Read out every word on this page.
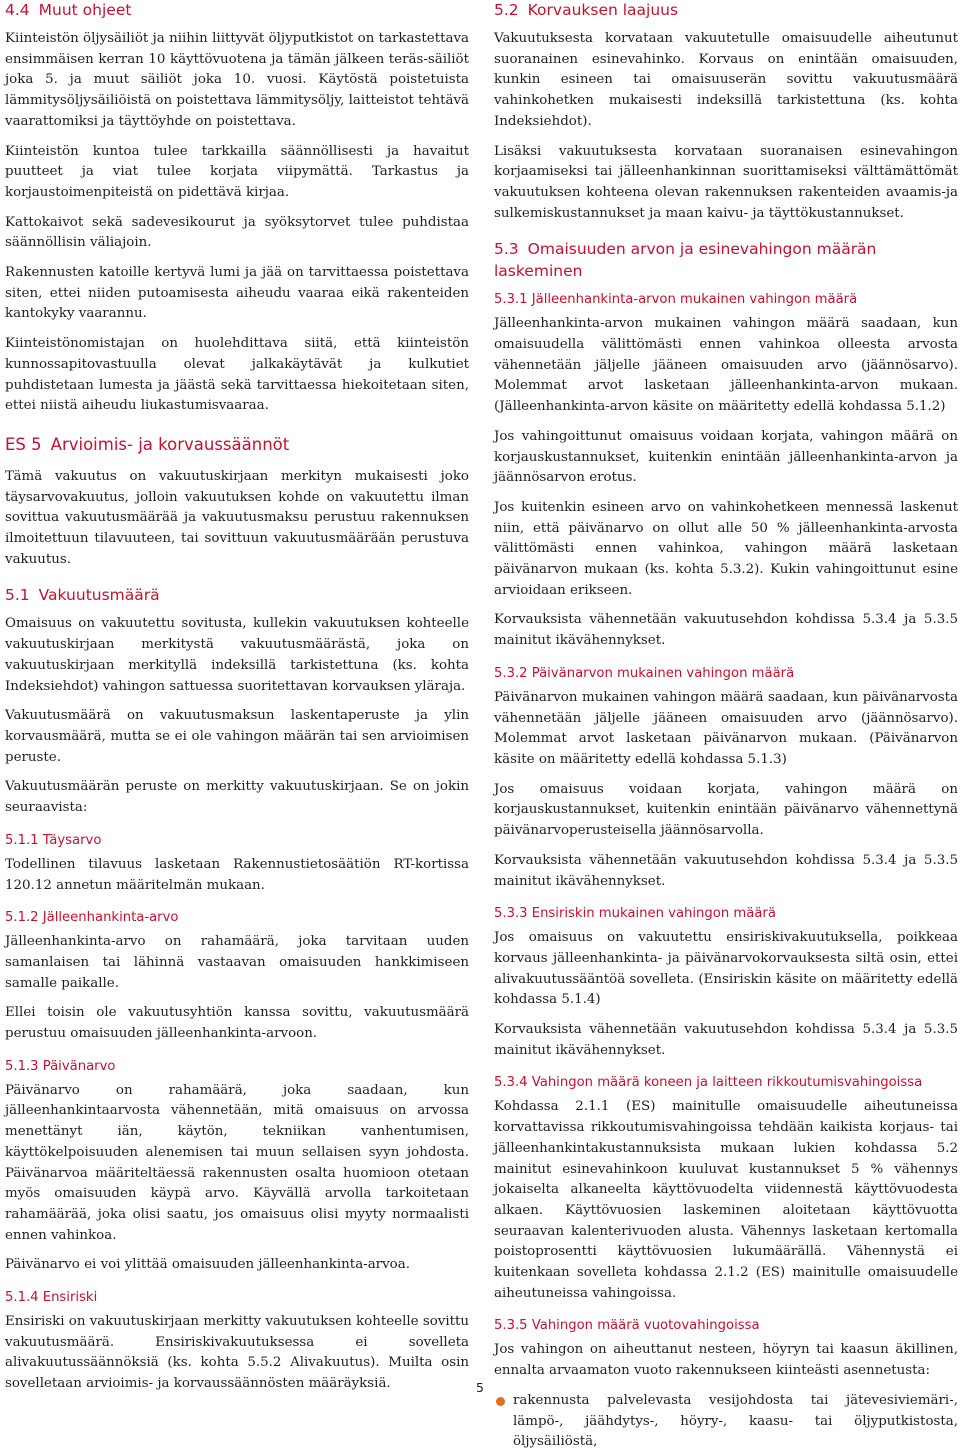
4.4 Muut ohjeet

Kiinteistön öljysäiliöt ja niihin liittyvät öljyputkistot on tarkastettava ensimmäisen kerran 10 käyttövuotena ja tämän jälkeen teräs-säiliöt joka 5. ja muut säiliöt joka 10. vuosi. Käytöstä poistetuista lämmitysöljysäiliöistä on poistettava lämmitysöljy, laitteistot tehtävä vaarattomiksi ja täyttöyhde on poistettava.

Kiinteistön kuntoa tulee tarkkailla säännöllisesti ja havaitut puutteet ja viat tulee korjata viipymättä. Tarkastus ja korjaustoimenpiteistä on pidettävä kirjaa.

Kattokaivot sekä sadevesikourut ja syöksytorvet tulee puhdistaa säännöllisin väliajoin.

Rakennusten katoille kertyvä lumi ja jää on tarvittaessa poistettava siten, ettei niiden putoamisesta aiheudu vaaraa eikä rakenteiden kantokyky vaarannu.

Kiinteistönomistajan on huolehdittava siitä, että kiinteistön kunnossapitovastuulla olevat jalkakäytävät ja kulkutiet puhdistetaan lumesta ja jäästä sekä tarvittaessa hiekoitetaan siten, ettei niistä aiheudu liukastumisvaaraa.

ES 5 Arvioimis- ja korvaussäännöt

Tämä vakuutus on vakuutuskirjaan merkityn mukaisesti joko täysarvovakuutus, jolloin vakuutuksen kohde on vakuutettu ilman sovittua vakuutusmäärää ja vakuutusmaksu perustuu rakennuksen ilmoitettuun tilavuuteen, tai sovittuun vakuutusmäärään perustuva vakuutus.

5.1 Vakuutusmäärä

Omaisuus on vakuutettu sovitusta, kullekin vakuutuksen kohteelle vakuutuskirjaan merkitystä vakuutusmäärästä, joka on vakuutuskirjaan merkityllä indeksillä tarkistettuna (ks. kohta Indeksiehdot) vahingon sattuessa suoritettavan korvauksen yläraja.

Vakuutusmäärä on vakuutusmaksun laskentaperuste ja ylin korvausmäärä, mutta se ei ole vahingon määrän tai sen arvioimisen peruste.

Vakuutusmäärän peruste on merkitty vakuutuskirjaan. Se on jokin seuraavista:

5.1.1 Täysarvo

Todellinen tilavuus lasketaan Rakennustietosäätiön RT-kortissa 120.12 annetun määritelmän mukaan.

5.1.2 Jälleenhankinta-arvo

Jälleenhankinta-arvo on rahamäärä, joka tarvitaan uuden samanlaisen tai lähinnä vastaavan omaisuuden hankkimiseen samalle paikalle.

Ellei toisin ole vakuutusyhtiön kanssa sovittu, vakuutusmäärä perustuu omaisuuden jälleenhankinta-arvoon.

5.1.3 Päivänarvo

Päivänarvo on rahamäärä, joka saadaan, kun jälleenhankintaarvosta vähennetään, mitä omaisuus on arvossa menettänyt iän, käytön, tekniikan vanhentumisen, käyttökelpoisuuden alenemisen tai muun sellaisen syyn johdosta. Päivänarvoa määriteltäessä rakennusten osalta huomioon otetaan myös omaisuuden käypä arvo. Käyvällä arvolla tarkoitetaan rahamäärää, joka olisi saatu, jos omaisuus olisi myyty normaalisti ennen vahinkoa.

Päivänarvo ei voi ylittää omaisuuden jälleenhankinta-arvoa.

5.1.4 Ensiriski

Ensiriski on vakuutuskirjaan merkitty vakuutuksen kohteelle sovittu vakuutusmäärä. Ensiriskivakuutuksessa ei sovelleta alivakuutussäännöksiä (ks. kohta 5.5.2 Alivakuutus). Muilta osin sovelletaan arvioimis- ja korvaussäännösten määräyksiä.

5.2 Korvauksen laajuus

Vakuutuksesta korvataan vakuutetulle omaisuudelle aiheutunut suoranainen esinevahinko. Korvaus on enintään omaisuuden, kunkin esineen tai omaisuuserän sovittu vakuutusmäärä vahinkohetken mukaisesti indeksillä tarkistettuna (ks. kohta Indeksiehdot).

Lisäksi vakuutuksesta korvataan suoranaisen esinevahingon korjaamiseksi tai jälleenhankinnan suorittamiseksi välttämättömät vakuutuksen kohteena olevan rakennuksen rakenteiden avaamis-ja sulkemiskustannukset ja maan kaivu- ja täyttökustannukset.

5.3 Omaisuuden arvon ja esinevahingon määrän laskeminen
5.3.1 Jälleenhankinta-arvon mukainen vahingon määrä

Jälleenhankinta-arvon mukainen vahingon määrä saadaan, kun omaisuudella välittömästi ennen vahinkoa olleesta arvosta vähennetään jäljelle jääneen omaisuuden arvo (jäännösarvo). Molemmat arvot lasketaan jälleenhankinta-arvon mukaan. (Jälleenhankinta-arvon käsite on määritetty edellä kohdassa 5.1.2)

Jos vahingoittunut omaisuus voidaan korjata, vahingon määrä on korjauskustannukset, kuitenkin enintään jälleenhankinta-arvon ja jäännösarvon erotus.

Jos kuitenkin esineen arvo on vahinkohetkeen mennessä laskenut niin, että päivänarvo on ollut alle 50 % jälleenhankinta-arvosta välittömästi ennen vahinkoa, vahingon määrä lasketaan päivänarvon mukaan (ks. kohta 5.3.2). Kukin vahingoittunut esine arvioidaan erikseen.

Korvauksista vähennetään vakuutusehdon kohdissa 5.3.4 ja 5.3.5 mainitut ikävähennykset.

5.3.2 Päivänarvon mukainen vahingon määrä

Päivänarvon mukainen vahingon määrä saadaan, kun päivänarvosta vähennetään jäljelle jääneen omaisuuden arvo (jäännösarvo). Molemmat arvot lasketaan päivänarvon mukaan. (Päivänarvon käsite on määritetty edellä kohdassa 5.1.3)

Jos omaisuus voidaan korjata, vahingon määrä on korjauskustannukset, kuitenkin enintään päivänarvo vähennettynä päivänarvoperusteisella jäännösarvolla.

Korvauksista vähennetään vakuutusehdon kohdissa 5.3.4 ja 5.3.5 mainitut ikävähennykset.

5.3.3 Ensiriskin mukainen vahingon määrä

Jos omaisuus on vakuutettu ensiriskivakuutuksella, poikkeaa korvaus jälleenhankinta- ja päivänarvokorvauksesta siltä osin, ettei alivakuutussääntöä sovelleta. (Ensiriskin käsite on määritetty edellä kohdassa 5.1.4)

Korvauksista vähennetään vakuutusehdon kohdissa 5.3.4 ja 5.3.5 mainitut ikävähennykset.

5.3.4 Vahingon määrä koneen ja laitteen rikkoutumisvahingoissa

Kohdassa 2.1.1 (ES) mainitulle omaisuudelle aiheutuneissa korvattavissa rikkoutumisvahingoissa tehdään kaikista korjaus- tai jälleenhankintakustannuksista mukaan lukien kohdassa 5.2 mainitut esinevahinkoon kuuluvat kustannukset 5 % vähennys jokaiselta alkaneelta käyttövuodelta viidennestä käyttövuodesta alkaen. Käyttövuosien laskeminen aloitetaan käyttövuotta seuraavan kalenterivuoden alusta. Vähennys lasketaan kertomalla poistoprosentti käyttövuosien lukumäärällä. Vähennystä ei kuitenkaan sovelleta kohdassa 2.1.2 (ES) mainitulle omaisuudelle aiheutuneissa vahingoissa.

5.3.5 Vahingon määrä vuotovahingoissa

Jos vahingon on aiheuttanut nesteen, höyryn tai kaasun äkillinen, ennalta arvaamaton vuoto rakennukseen kiinteästi asennetusta:

rakennusta palvelevasta vesijohdosta tai jätevesiviemäri-, lämpö-, jäähdytys-, höyry-, kaasu- tai öljyputkistosta, öljysäiliöstä,
5
